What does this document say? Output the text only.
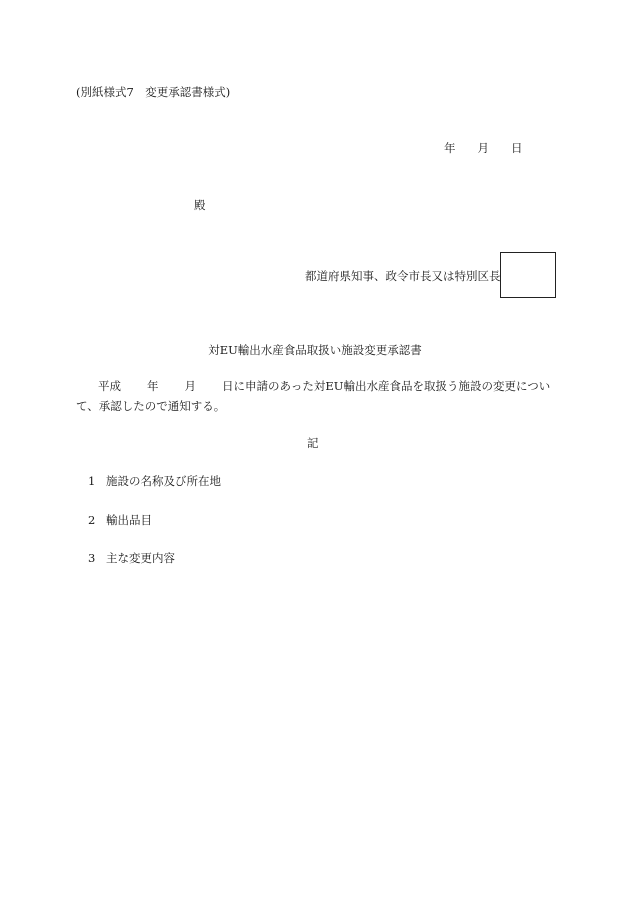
(別紙様式7　変更承認書様式)
年 月 日
殿
都道府県知事、政令市長又は特別区長
対EU輸出水産食品取扱い施設変更承認書
平成 年 月 日に申請のあった対EU輸出水産食品を取扱う施設の変更について、承認したので通知する。
記
1 施設の名称及び所在地
2 輸出品目
3 主な変更内容
